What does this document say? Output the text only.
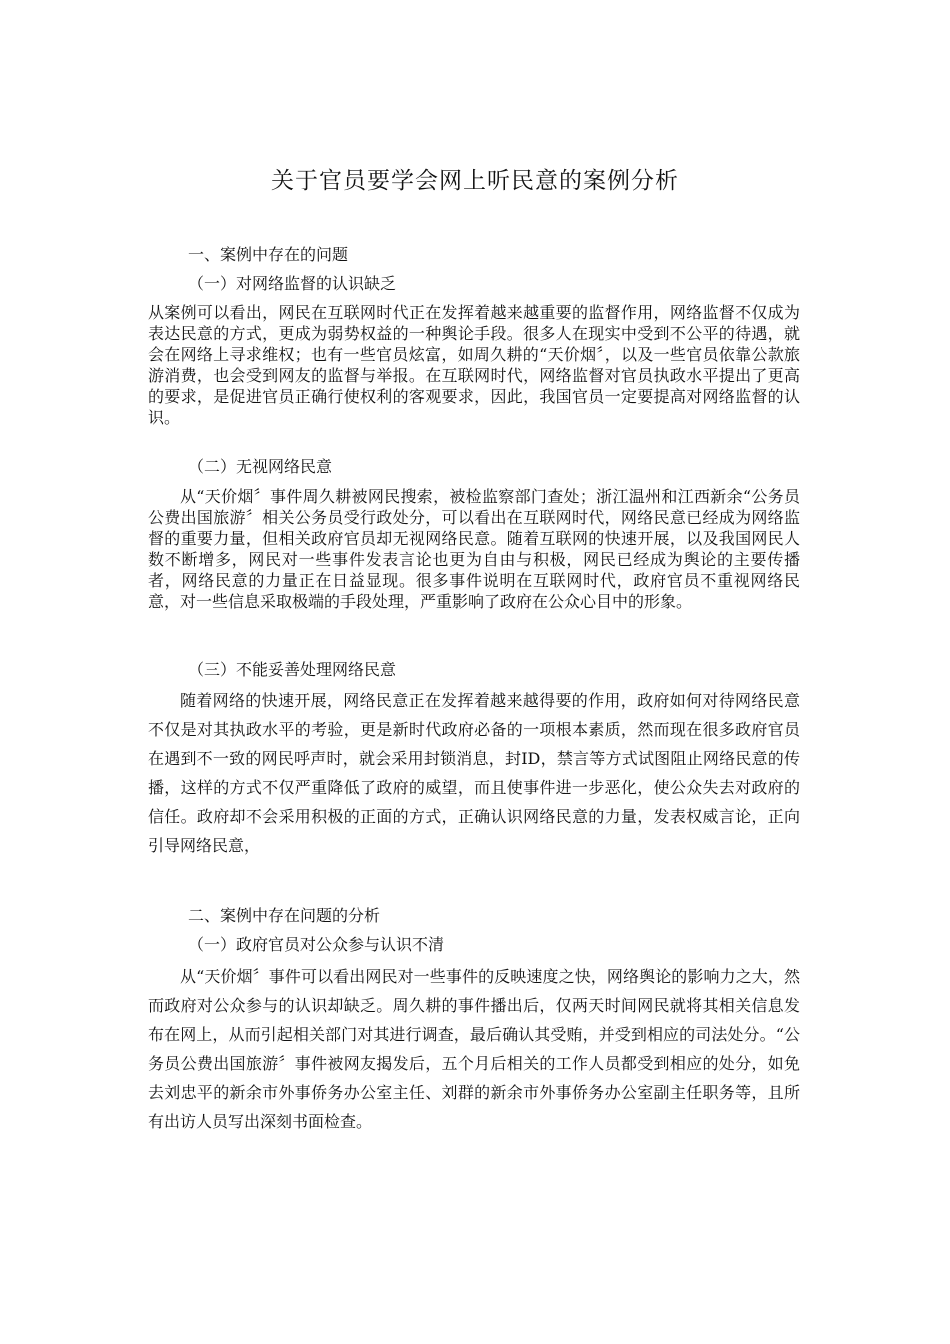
关于官员要学会网上听民意的案例分析
一、案例中存在的问题
（一）对网络监督的认识缺乏
从案例可以看出，网民在互联网时代正在发挥着越来越重要的监督作用，网络监督不仅成为表达民意的方式，更成为弱势权益的一种舆论手段。很多人在现实中受到不公平的待遇，就会在网络上寻求维权；也有一些官员炫富，如周久耕的“天价烟〞，以及一些官员依靠公款旅游消费，也会受到网友的监督与举报。在互联网时代，网络监督对官员执政水平提出了更高的要求，是促进官员正确行使权利的客观要求，因此，我国官员一定要提高对网络监督的认识。
（二）无视网络民意
从“天价烟〞事件周久耕被网民搜索，被检监察部门查处；浙江温州和江西新余“公务员公费出国旅游〞相关公务员受行政处分，可以看出在互联网时代，网络民意已经成为网络监督的重要力量，但相关政府官员却无视网络民意。随着互联网的快速开展，以及我国网民人数不断增多，网民对一些事件发表言论也更为自由与积极，网民已经成为舆论的主要传播者，网络民意的力量正在日益显现。很多事件说明在互联网时代，政府官员不重视网络民意，对一些信息采取极端的手段处理，严重影响了政府在公众心目中的形象。
（三）不能妥善处理网络民意
随着网络的快速开展，网络民意正在发挥着越来越得要的作用，政府如何对待网络民意不仅是对其执政水平的考验，更是新时代政府必备的一项根本素质，然而现在很多政府官员在遇到不一致的网民呼声时，就会采用封锁消息，封ID，禁言等方式试图阻止网络民意的传播，这样的方式不仅严重降低了政府的威望，而且使事件进一步恶化，使公众失去对政府的信任。政府却不会采用积极的正面的方式，正确认识网络民意的力量，发表权威言论，正向引导网络民意，
二、案例中存在问题的分析
（一）政府官员对公众参与认识不清
从“天价烟〞事件可以看出网民对一些事件的反映速度之快，网络舆论的影响力之大，然而政府对公众参与的认识却缺乏。周久耕的事件播出后，仅两天时间网民就将其相关信息发布在网上，从而引起相关部门对其进行调查，最后确认其受贿，并受到相应的司法处分。“公务员公费出国旅游〞事件被网友揭发后，五个月后相关的工作人员都受到相应的处分，如免去刘忠平的新余市外事侨务办公室主任、刘群的新余市外事侨务办公室副主任职务等，且所有出访人员写出深刻书面检查。
